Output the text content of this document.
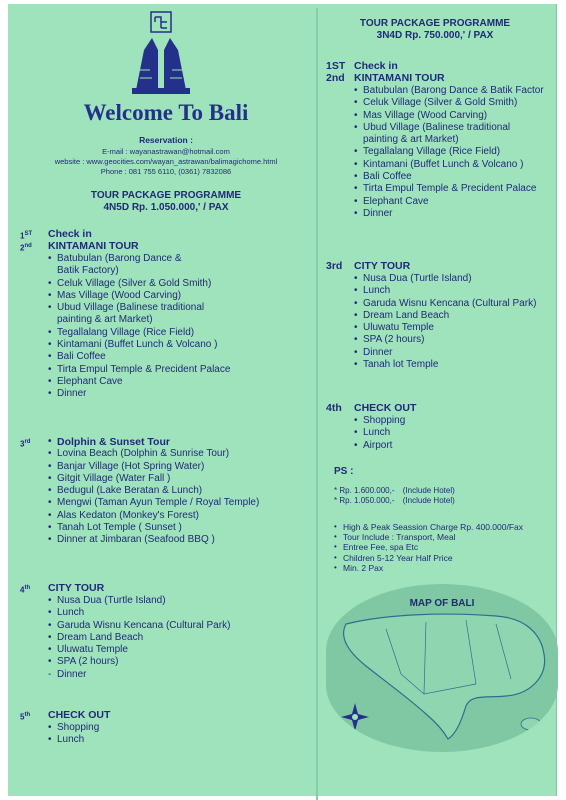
Welcome To Bali
Reservation :
E-mail : wayanastrawan@hotmail.com
website : www.geocities.com/wayan_astrawan/balimagichome.html
Phone : 081 755 6110, (0361) 7832086
TOUR PACKAGE PROGRAMME
4N5D Rp. 1.050.000,' / PAX
1ST	Check in
2nd	KINTAMANI TOUR
• Batubulan (Barong Dance &
Batik Factory)
• Celuk Village (Silver & Gold Smith)
• Mas Village (Wood Carving)
• Ubud Village (Balinese traditional
painting & art Market)
• Tegallalang Village (Rice Field)
• Kintamani (Buffet Lunch & Volcano )
• Bali Coffee
• Tirta Empul Temple & Precident Palace
• Elephant Cave
• Dinner
3rd
•	Dolphin & Sunset Tour
• Lovina Beach (Dolphin & Sunrise Tour)
• Banjar Village (Hot Spring Water)
• Gitgit Village (Water Fall )
• Bedugul (Lake Beratan & Lunch)
• Mengwi (Taman Ayun Temple / Royal Temple)
• Alas Kedaton (Monkey's Forest)
• Tanah Lot Temple ( Sunset )
• Dinner at Jimbaran (Seafood BBQ )
4th	CITY TOUR
• Nusa Dua (Turtle Island)
• Lunch
• Garuda Wisnu Kencana (Cultural Park)
• Dream Land Beach
• Uluwatu Temple
• SPA (2 hours)
- Dinner
5th	CHECK OUT
• Shopping
• Lunch
TOUR PACKAGE PROGRAMME
3N4D Rp. 750.000,' / PAX
1ST Check in
2nd KINTAMANI TOUR
• Batubulan (Barong Dance & Batik Factor
• Celuk Village (Silver & Gold Smith)
• Mas Village (Wood Carving)
• Ubud Village (Balinese traditional
painting & art Market)
• Tegallalang Village (Rice Field)
• Kintamani (Buffet Lunch & Volcano )
• Bali Coffee
• Tirta Empul Temple & Precident Palace
• Elephant Cave
• Dinner
3rd CITY TOUR
• Nusa Dua (Turtle Island)
• Lunch
• Garuda Wisnu Kencana (Cultural Park)
• Dream Land Beach
• Uluwatu Temple
• SPA (2 hours)
• Dinner
• Tanah lot Temple
4th CHECK OUT
• Shopping
• Lunch
• Airport
PS :
* Rp. 1.600.000,- (Include Hotel)
* Rp. 1.050.000,- (Include Hotel)
• High & Peak Seassion Charge Rp. 400.000/Fax
• Tour Include : Transport, Meal
• Entree Fee, spa Etc
• Children 5-12 Year Half Price
• Min. 2 Pax
MAP OF BALI
